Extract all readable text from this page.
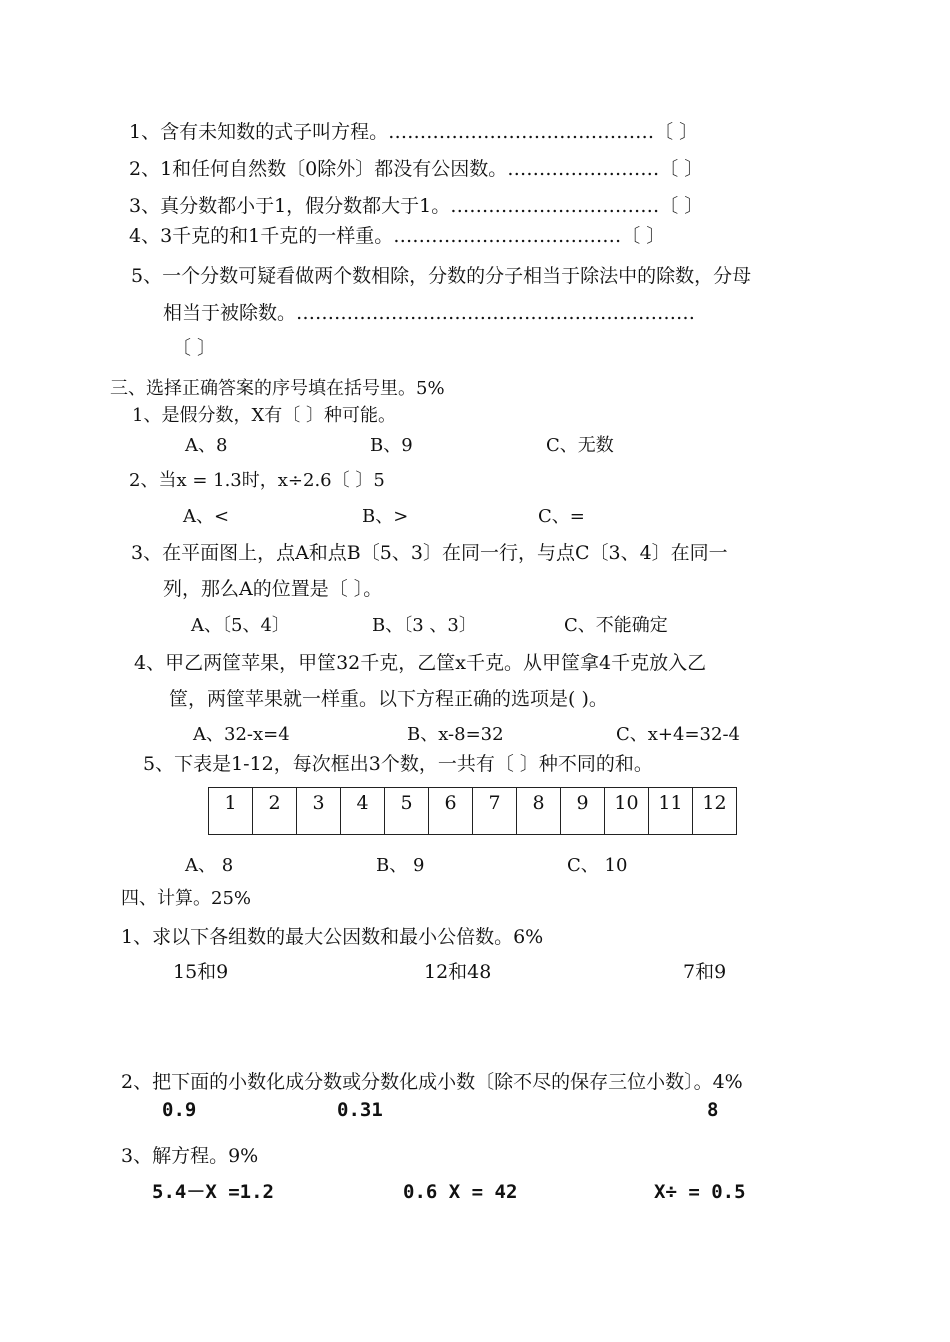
1、含有未知数的式子叫方程。……………………………………〔 〕
2、1和任何自然数〔0除外〕都没有公因数。……………………〔 〕
3、真分数都小于1，假分数都大于1。……………………………〔 〕
4、3千克的和1千克的一样重。………………………………〔 〕
5、一个分数可疑看做两个数相除，分数的分子相当于除法中的除数，分母
相当于被除数。………………………………………………………
〔 〕
三、选择正确答案的序号填在括号里。5%
1、是假分数，X有〔 〕种可能。
A、8	B、9	C、无数
2、当x = 1.3时，x÷2.6〔 〕5
A、<	B、>	C、=
3、在平面图上，点A和点B〔5、3〕在同一行，与点C〔3、4〕在同一
列，那么A的位置是〔 〕。
A、〔5、4〕	B、〔3 、3〕	C、不能确定
4、甲乙两筐苹果，甲筐32千克，乙筐x千克。从甲筐拿4千克放入乙
筐，两筐苹果就一样重。以下方程正确的选项是( )。
A、32-x=4	B、x-8=32	C、x+4=32-4
5、下表是1-12，每次框出3个数，一共有〔 〕种不同的和。
1	2	3	4	5	6	7	8	9	10	11	12
A、 8	B、 9	C、 10
四、计算。25%
1、求以下各组数的最大公因数和最小公倍数。6%
15和9	12和48	7和9
2、把下面的小数化成分数或分数化成小数〔除不尽的保存三位小数〕。4%
0.9	0.31	8
3、解方程。9%
5.4－X =1.2	0.6 X = 42	X÷ = 0.5
